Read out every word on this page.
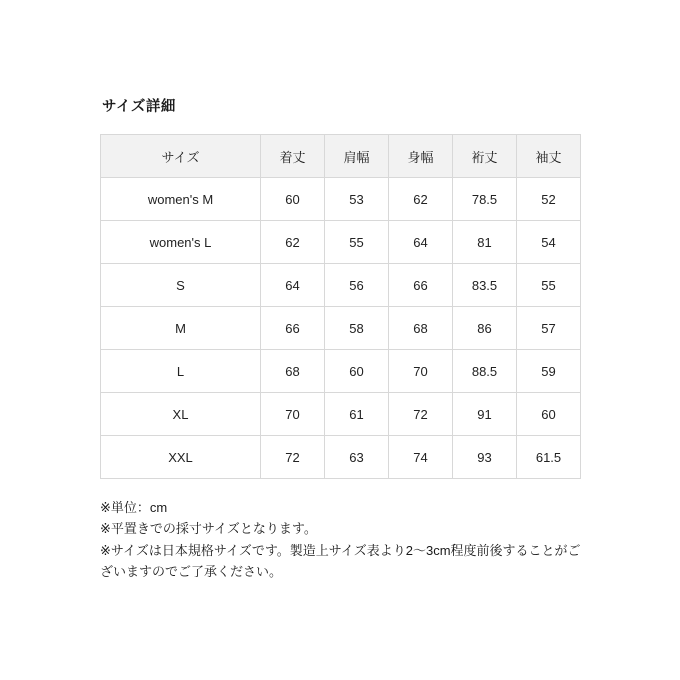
サイズ詳細
サイズ	着丈	肩幅	身幅	裄丈	袖丈
women's M	60	53	62	78.5	52
women's L	62	55	64	81	54
S	64	56	66	83.5	55
M	66	58	68	86	57
L	68	60	70	88.5	59
XL	70	61	72	91	60
XXL	72	63	74	93	61.5
※単位：cm
※平置きでの採寸サイズとなります。
※サイズは日本規格サイズです。製造上サイズ表より2〜3cm程度前後することがございますのでご了承ください。
